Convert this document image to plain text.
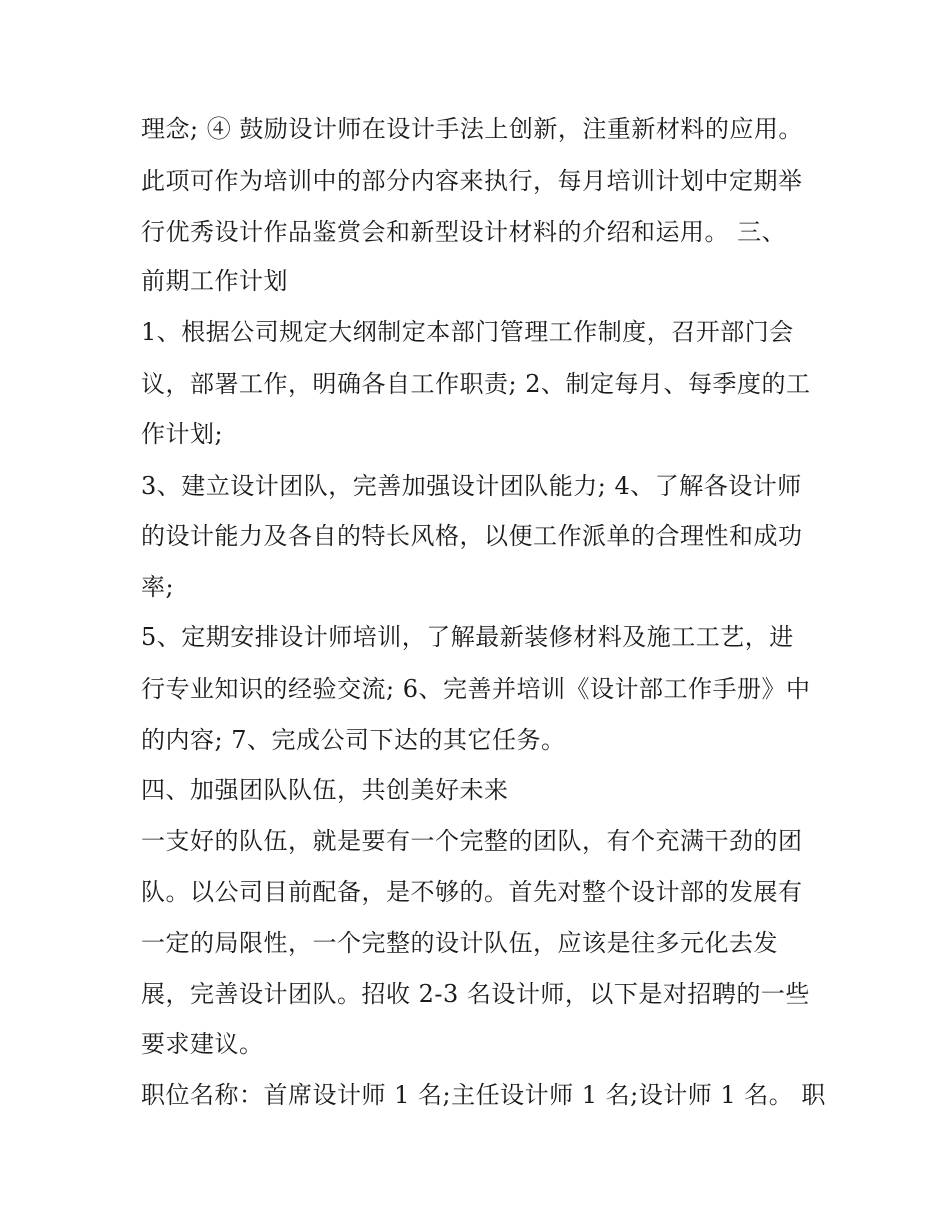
理念; ④ 鼓励设计师在设计手法上创新，注重新材料的应用。
此项可作为培训中的部分内容来执行，每月培训计划中定期举
行优秀设计作品鉴赏会和新型设计材料的介绍和运用。 三、
前期工作计划
1、根据公司规定大纲制定本部门管理工作制度，召开部门会
议，部署工作，明确各自工作职责; 2、制定每月、每季度的工
作计划;
3、建立设计团队，完善加强设计团队能力; 4、了解各设计师
的设计能力及各自的特长风格，以便工作派单的合理性和成功
率;
5、定期安排设计师培训，了解最新装修材料及施工工艺，进
行专业知识的经验交流; 6、完善并培训《设计部工作手册》中
的内容; 7、完成公司下达的其它任务。
四、加强团队队伍，共创美好未来
一支好的队伍，就是要有一个完整的团队，有个充满干劲的团
队。以公司目前配备，是不够的。首先对整个设计部的发展有
一定的局限性，一个完整的设计队伍，应该是往多元化去发
展，完善设计团队。招收 2-3 名设计师，以下是对招聘的一些
要求建议。
职位名称：首席设计师 1 名;主任设计师 1 名;设计师 1 名。 职
